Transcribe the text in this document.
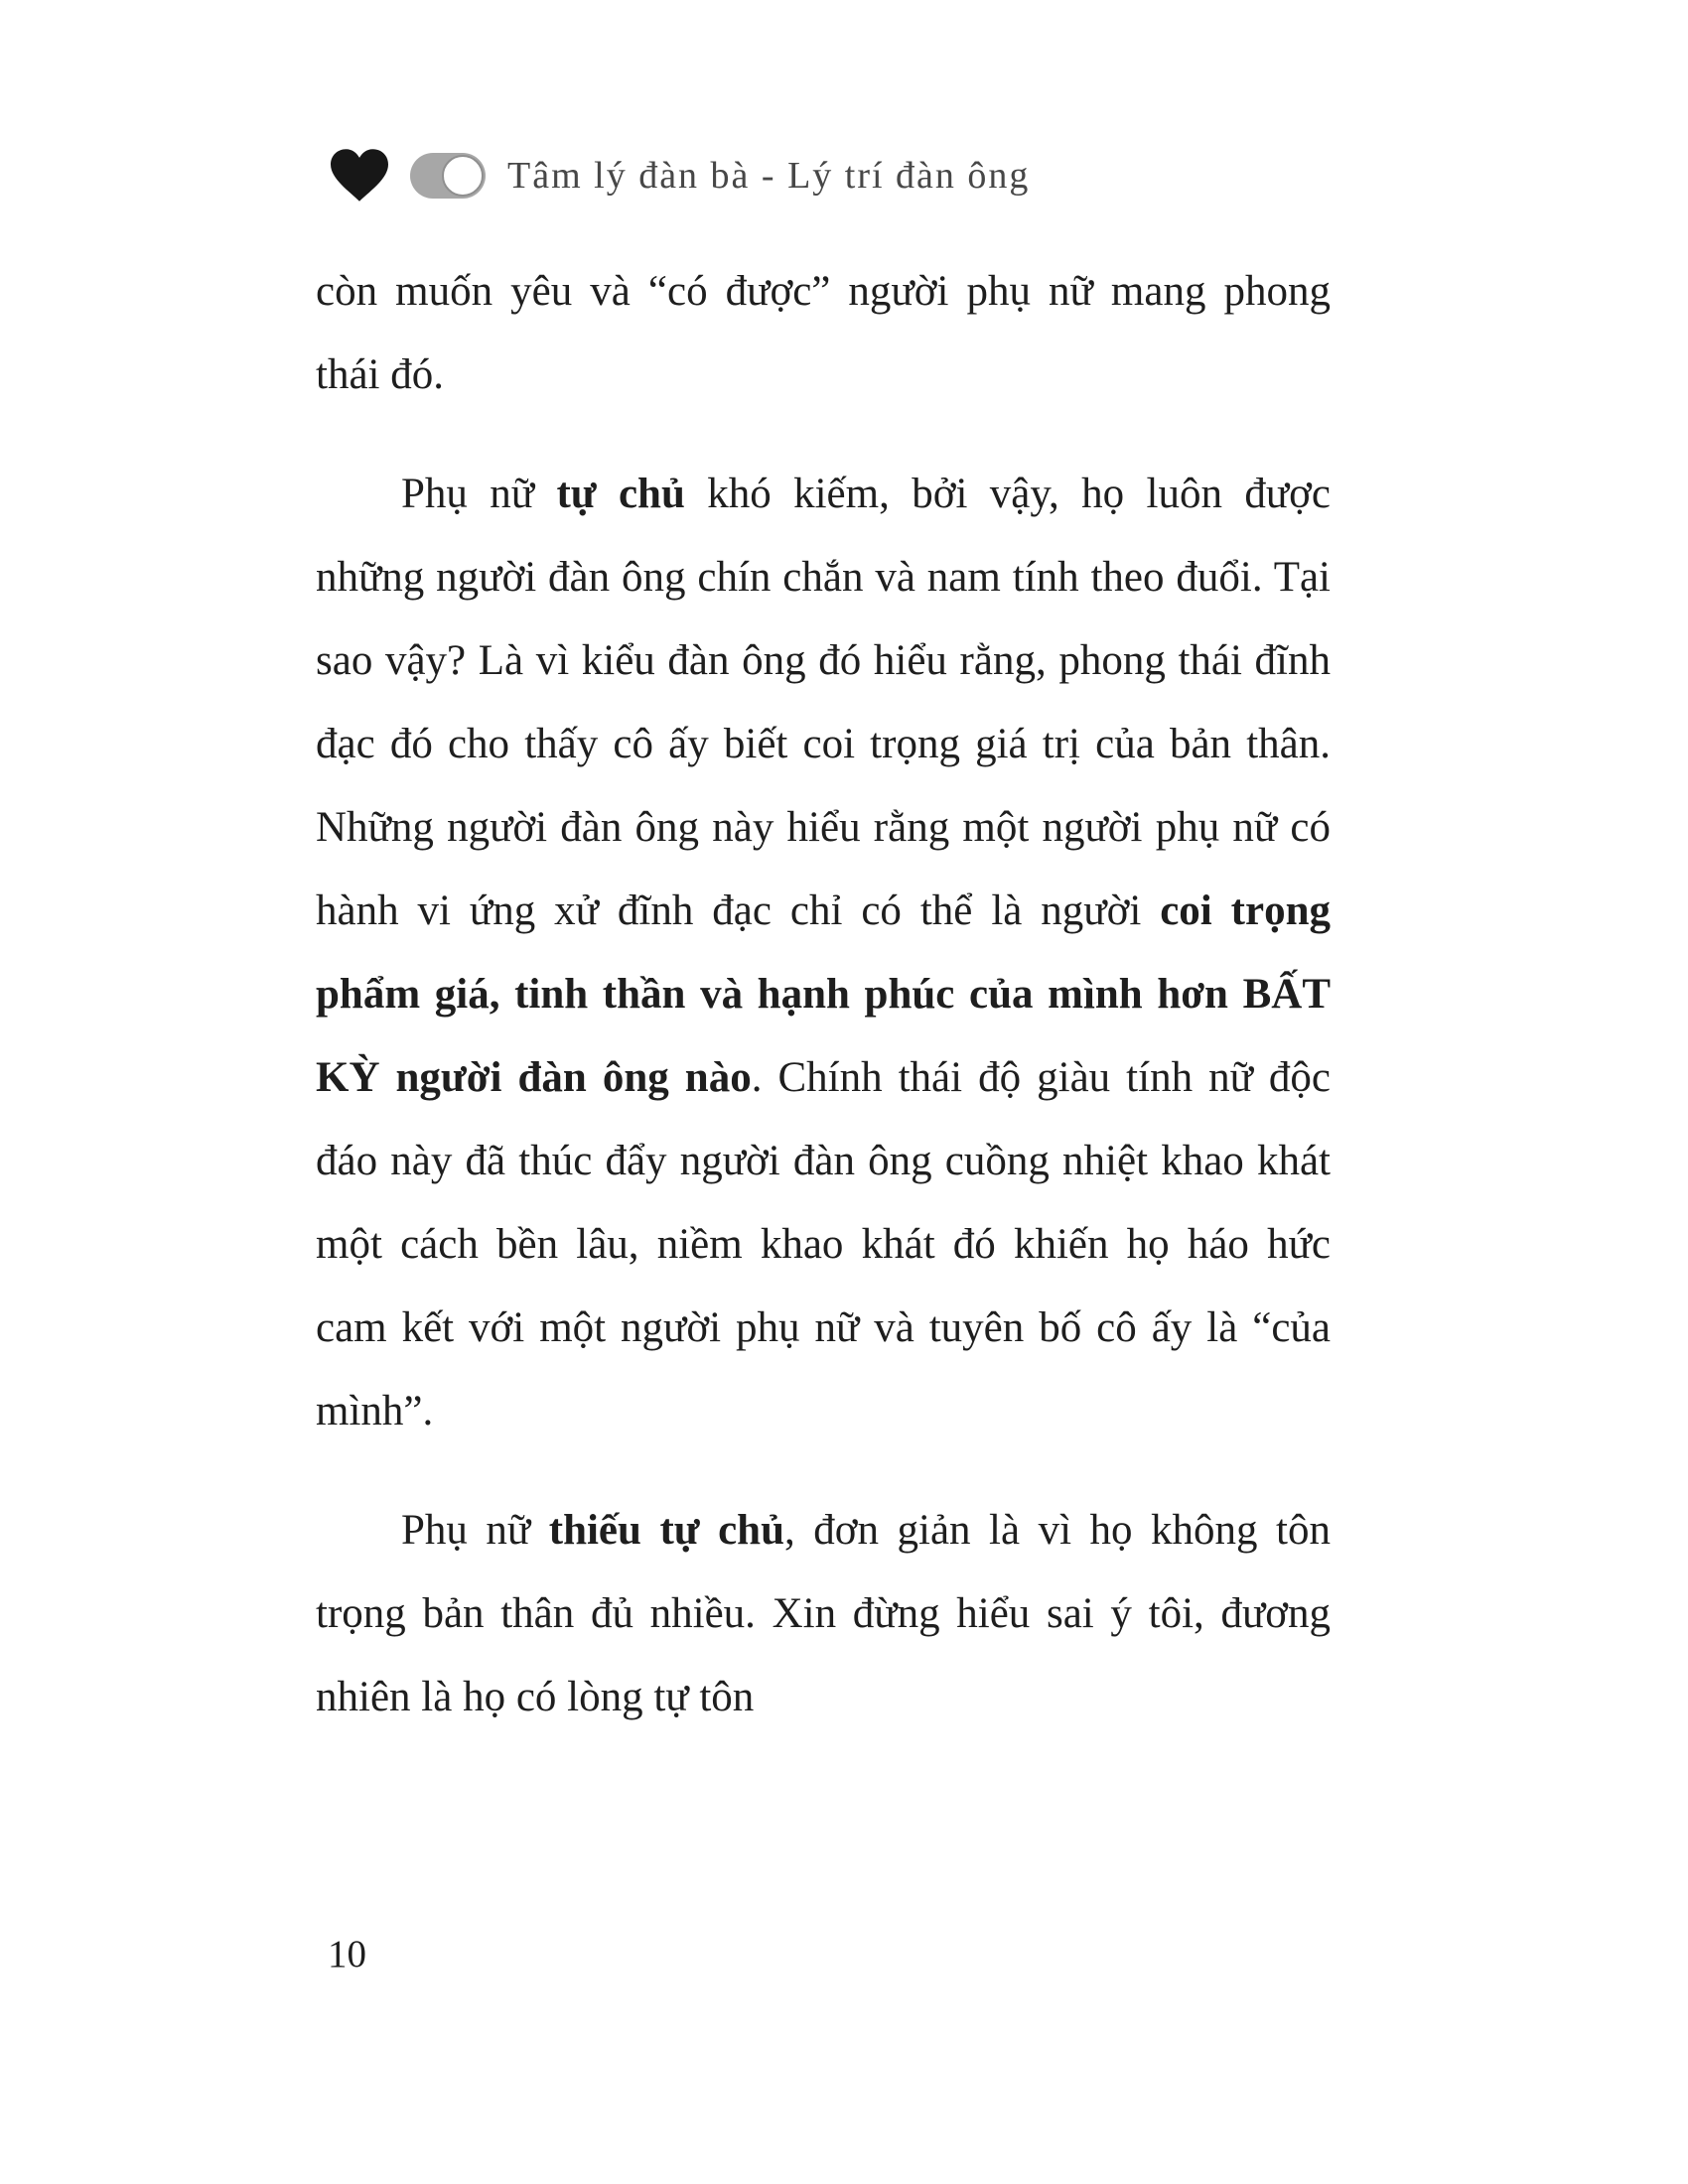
Tâm lý đàn bà - Lý trí đàn ông

còn muốn yêu và “có được” người phụ nữ mang phong thái đó.

Phụ nữ tự chủ khó kiếm, bởi vậy, họ luôn được những người đàn ông chín chắn và nam tính theo đuổi. Tại sao vậy? Là vì kiểu đàn ông đó hiểu rằng, phong thái đĩnh đạc đó cho thấy cô ấy biết coi trọng giá trị của bản thân. Những người đàn ông này hiểu rằng một người phụ nữ có hành vi ứng xử đĩnh đạc chỉ có thể là người coi trọng phẩm giá, tinh thần và hạnh phúc của mình hơn BẤT KỲ người đàn ông nào. Chính thái độ giàu tính nữ độc đáo này đã thúc đẩy người đàn ông cuồng nhiệt khao khát một cách bền lâu, niềm khao khát đó khiến họ háo hức cam kết với một người phụ nữ và tuyên bố cô ấy là “của mình”.

Phụ nữ thiếu tự chủ, đơn giản là vì họ không tôn trọng bản thân đủ nhiều. Xin đừng hiểu sai ý tôi, đương nhiên là họ có lòng tự tôn

10
